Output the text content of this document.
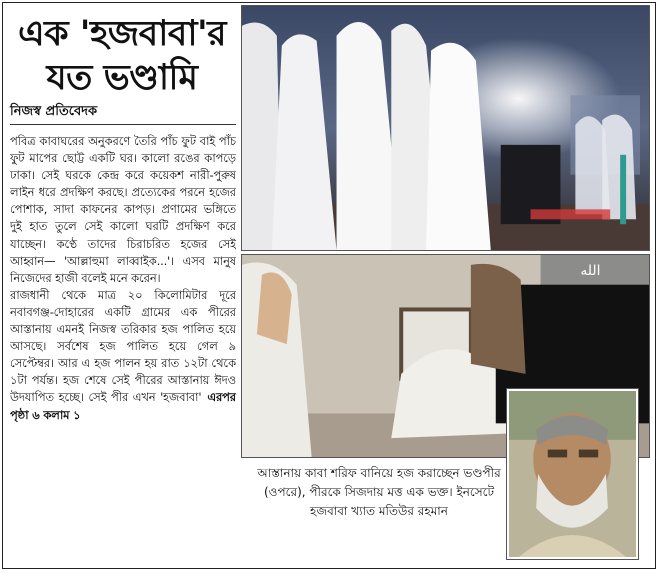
এক 'হজবাবা'র
যত ভণ্ডামি
নিজস্ব প্রতিবেদক

পবিত্র কাবাঘরের অনুকরণে তৈরি পাঁচ ফুট বাই পাঁচ ফুট মাপের ছোট্ট একটি ঘর। কালো রঙের কাপড়ে ঢাকা। সেই ঘরকে কেন্দ্র করে কয়েকশ নারী-পুরুষ লাইন ধরে প্রদক্ষিণ করছে। প্রত্যেকের পরনে হজের পোশাক, সাদা কাফনের কাপড়। প্রণামের ভঙ্গিতে দুই হাত তুলে সেই কালো ঘরটি প্রদক্ষিণ করে যাচ্ছেন। কণ্ঠে তাদের চিরাচরিত হজের সেই আহ্বান— 'আল্লাহুমা লাব্বাইক...'। এসব মানুষ নিজেদের হাজী বলেই মনে করেন।

রাজধানী থেকে মাত্র ২০ কিলোমিটার দূরে নবাবগঞ্জ-দোহারের একটি গ্রামের এক পীরের আস্তানায় এমনই নিজস্ব তরিকার হজ পালিত হয়ে আসছে। সর্বশেষ হজ পালিত হয়ে গেল ৯ সেপ্টেম্বর। আর এ হজ পালন হয় রাত ১২টা থেকে ১টা পর্যন্ত। হজ শেষে সেই পীরের আস্তানায় ঈদও উদযাপিত হচ্ছে। সেই পীর এখন 'হজবাবা' এরপর পৃষ্ঠা ৬ কলাম ১

الله
আস্তানায় কাবা শরিফ বানিয়ে হজ করাচ্ছেন ভণ্ডপীর (ওপরে), পীরকে সিজদায় মত্ত এক ভক্ত। ইনসেটে হজবাবা খ্যাত মতিউর রহমান
